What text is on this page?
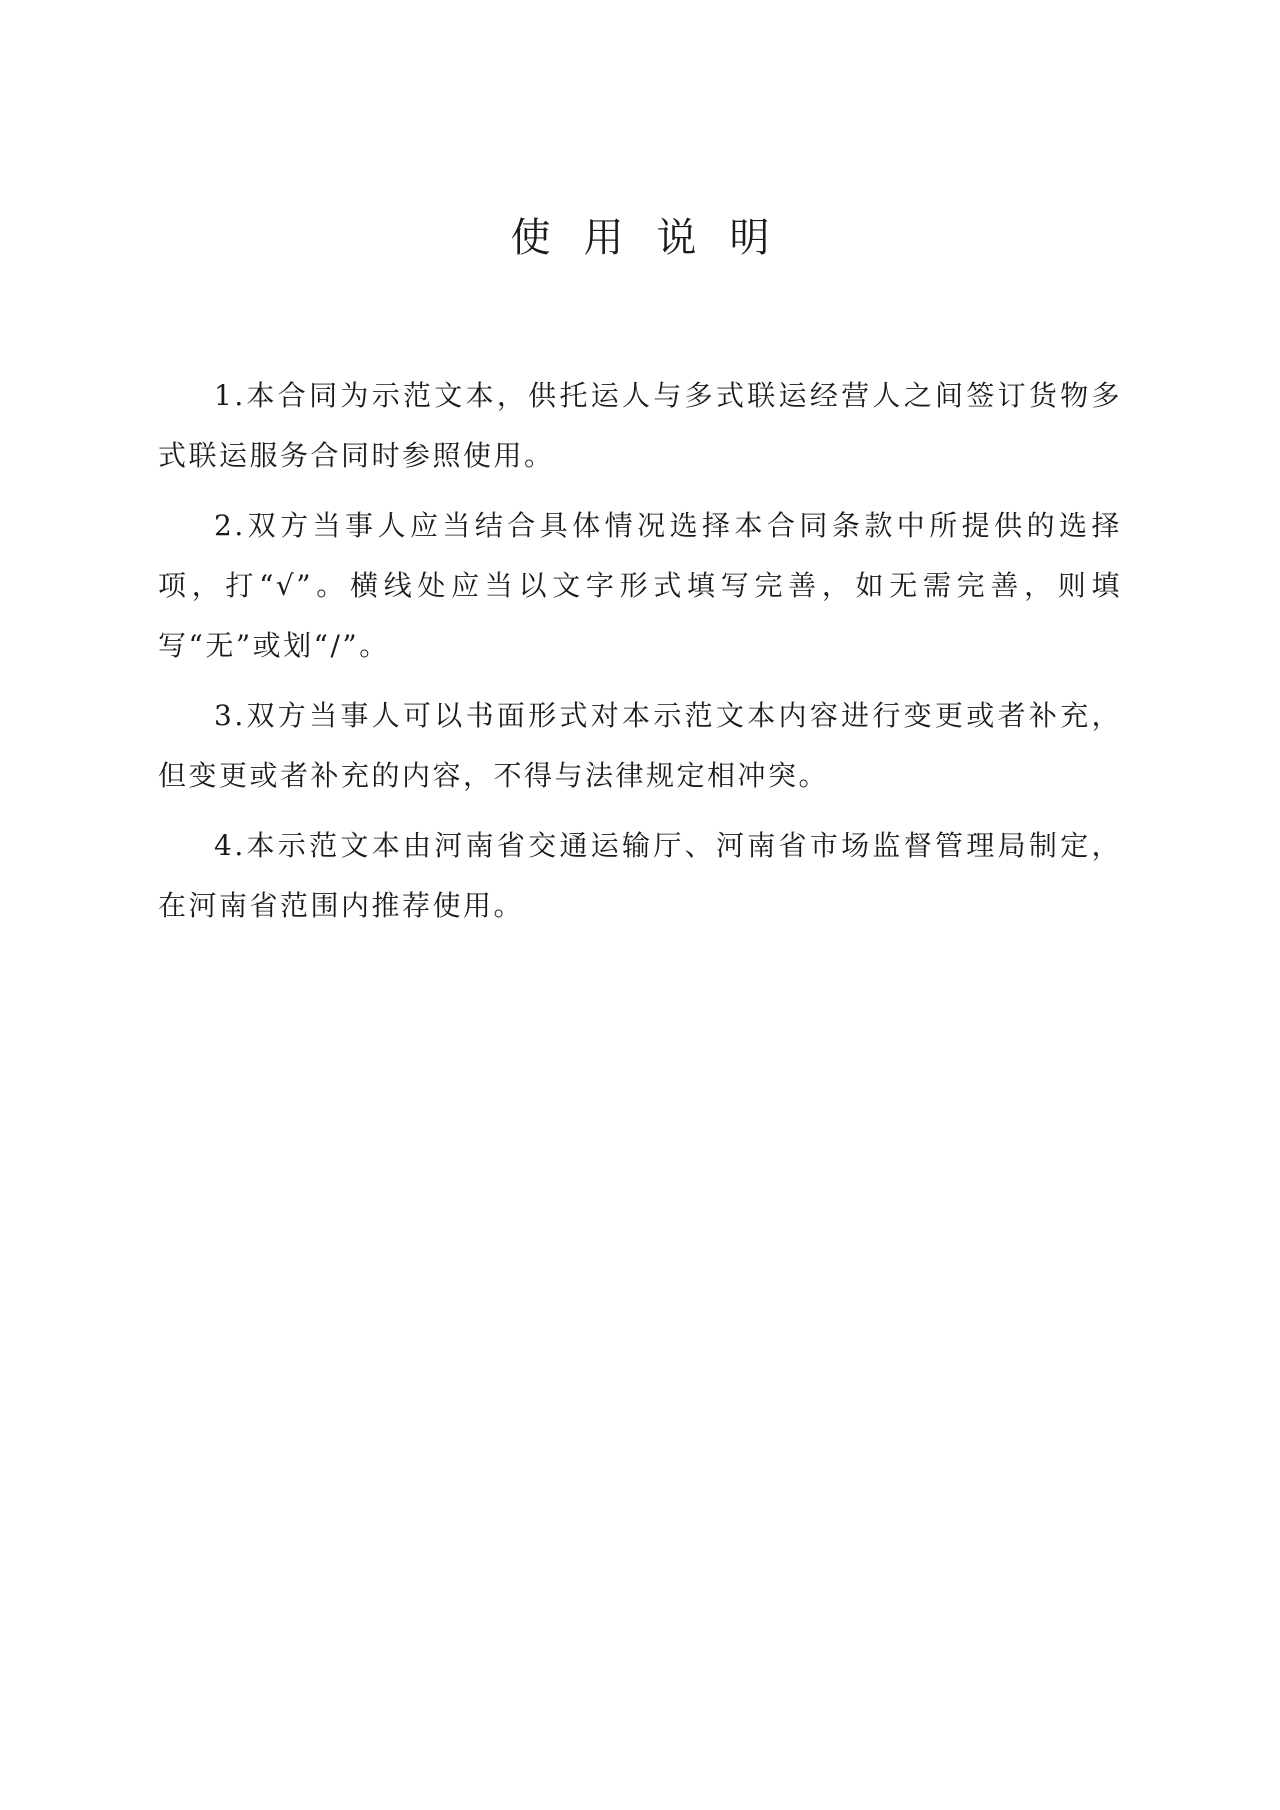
使用说明

1.本合同为示范文本，供托运人与多式联运经营人之间签订货物多式联运服务合同时参照使用。

2.双方当事人应当结合具体情况选择本合同条款中所提供的选择项，打“√”。横线处应当以文字形式填写完善，如无需完善，则填写“无”或划“/”。

3.双方当事人可以书面形式对本示范文本内容进行变更或者补充，但变更或者补充的内容，不得与法律规定相冲突。

4.本示范文本由河南省交通运输厅、河南省市场监督管理局制定，在河南省范围内推荐使用。
